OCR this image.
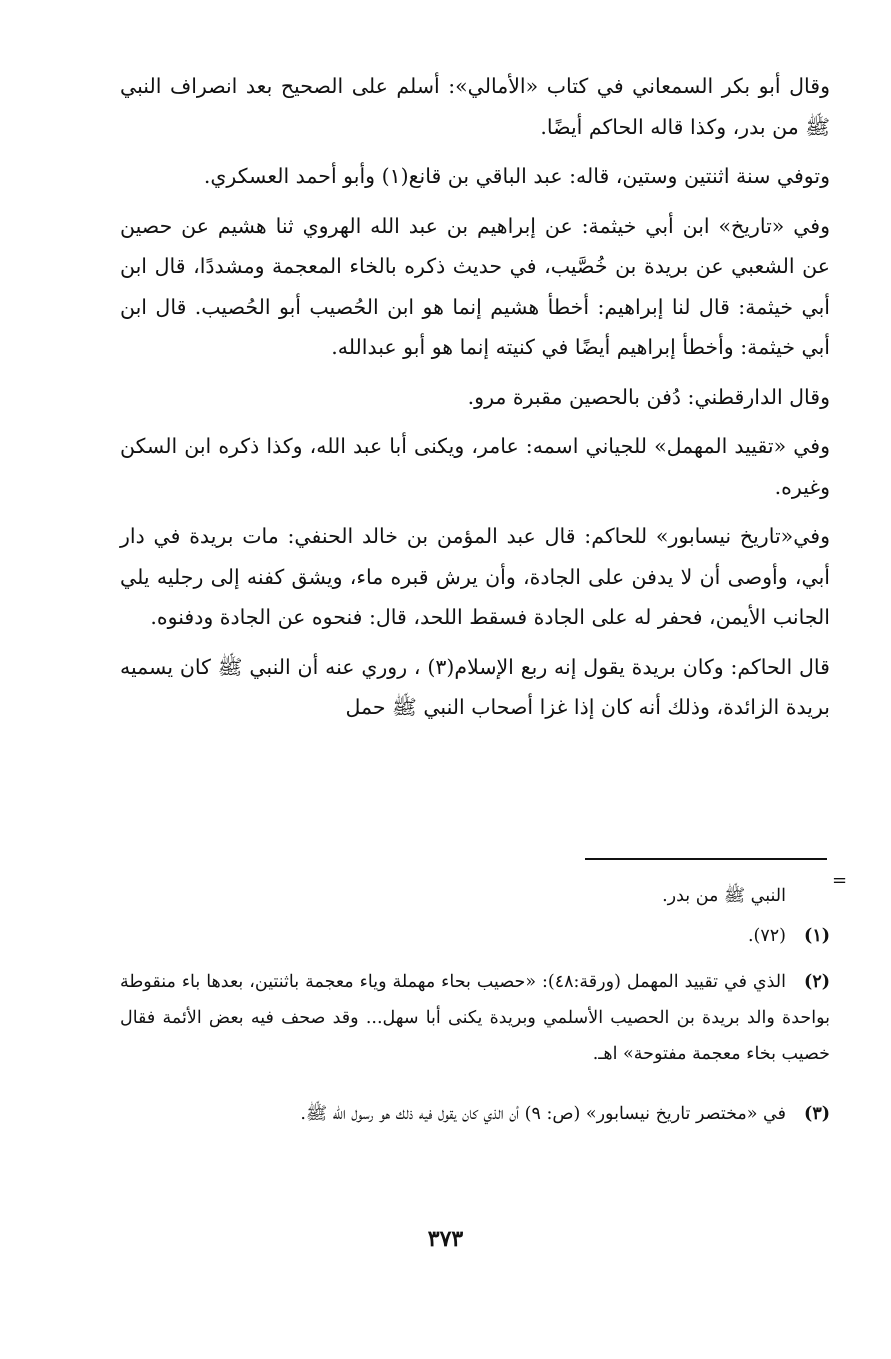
وقال أبو بكر السمعاني في كتاب «الأمالي»: أسلم على الصحيح بعد انصراف النبي ﷺ من بدر، وكذا قاله الحاكم أيضًا.

وتوفي سنة اثنتين وستين، قاله: عبد الباقي بن قانع(١) وأبو أحمد العسكري.

وفي «تاريخ» ابن أبي خيثمة: عن إبراهيم بن عبد الله الهروي ثنا هشيم عن حصين عن الشعبي عن بريدة بن خُصَّيب، في حديث ذكره بالخاء المعجمة ومشددًا، قال ابن أبي خيثمة: قال لنا إبراهيم: أخطأ هشيم إنما هو ابن الحُصيب أبو الحُصيب. قال ابن أبي خيثمة: وأخطأ إبراهيم أيضًا في كنيته إنما هو أبو عبدالله.

وقال الدارقطني: دُفن بالحصين مقبرة مرو.

وفي «تقييد المهمل» للجياني اسمه: عامر، ويكنى أبا عبد الله، وكذا ذكره ابن السكن وغيره.

وفي«تاريخ نيسابور» للحاكم: قال عبد المؤمن بن خالد الحنفي: مات بريدة في دار أبي، وأوصى أن لا يدفن على الجادة، وأن يرش قبره ماء، ويشق كفنه إلى رجليه يلي الجانب الأيمن، فحفر له على الجادة فسقط اللحد، قال: فنحوه عن الجادة ودفنوه.

قال الحاكم: وكان بريدة يقول إنه ربع الإسلام(٣) ، روري عنه أن النبي ﷺ كان يسميه بريدة الزائدة، وذلك أنه كان إذا غزا أصحاب النبي ﷺ حمل

=
النبي ﷺ من بدر.
(١)(٧٢).
(٢)الذي في تقييد المهمل (ورقة:٤٨): «حصيب بحاء مهملة وياء معجمة باثنتين، بعدها باء منقوطة بواحدة والد بريدة بن الحصيب الأسلمي وبريدة يكنى أبا سهل... وقد صحف فيه بعض الأئمة فقال خصيب بخاء معجمة مفتوحة» اهـ.
(٣)في «مختصر تاريخ نيسابور» (ص: ٩) أن الذي كان يقول فيه ذلك هو رسول الله ﷺ.
٣٧٣
